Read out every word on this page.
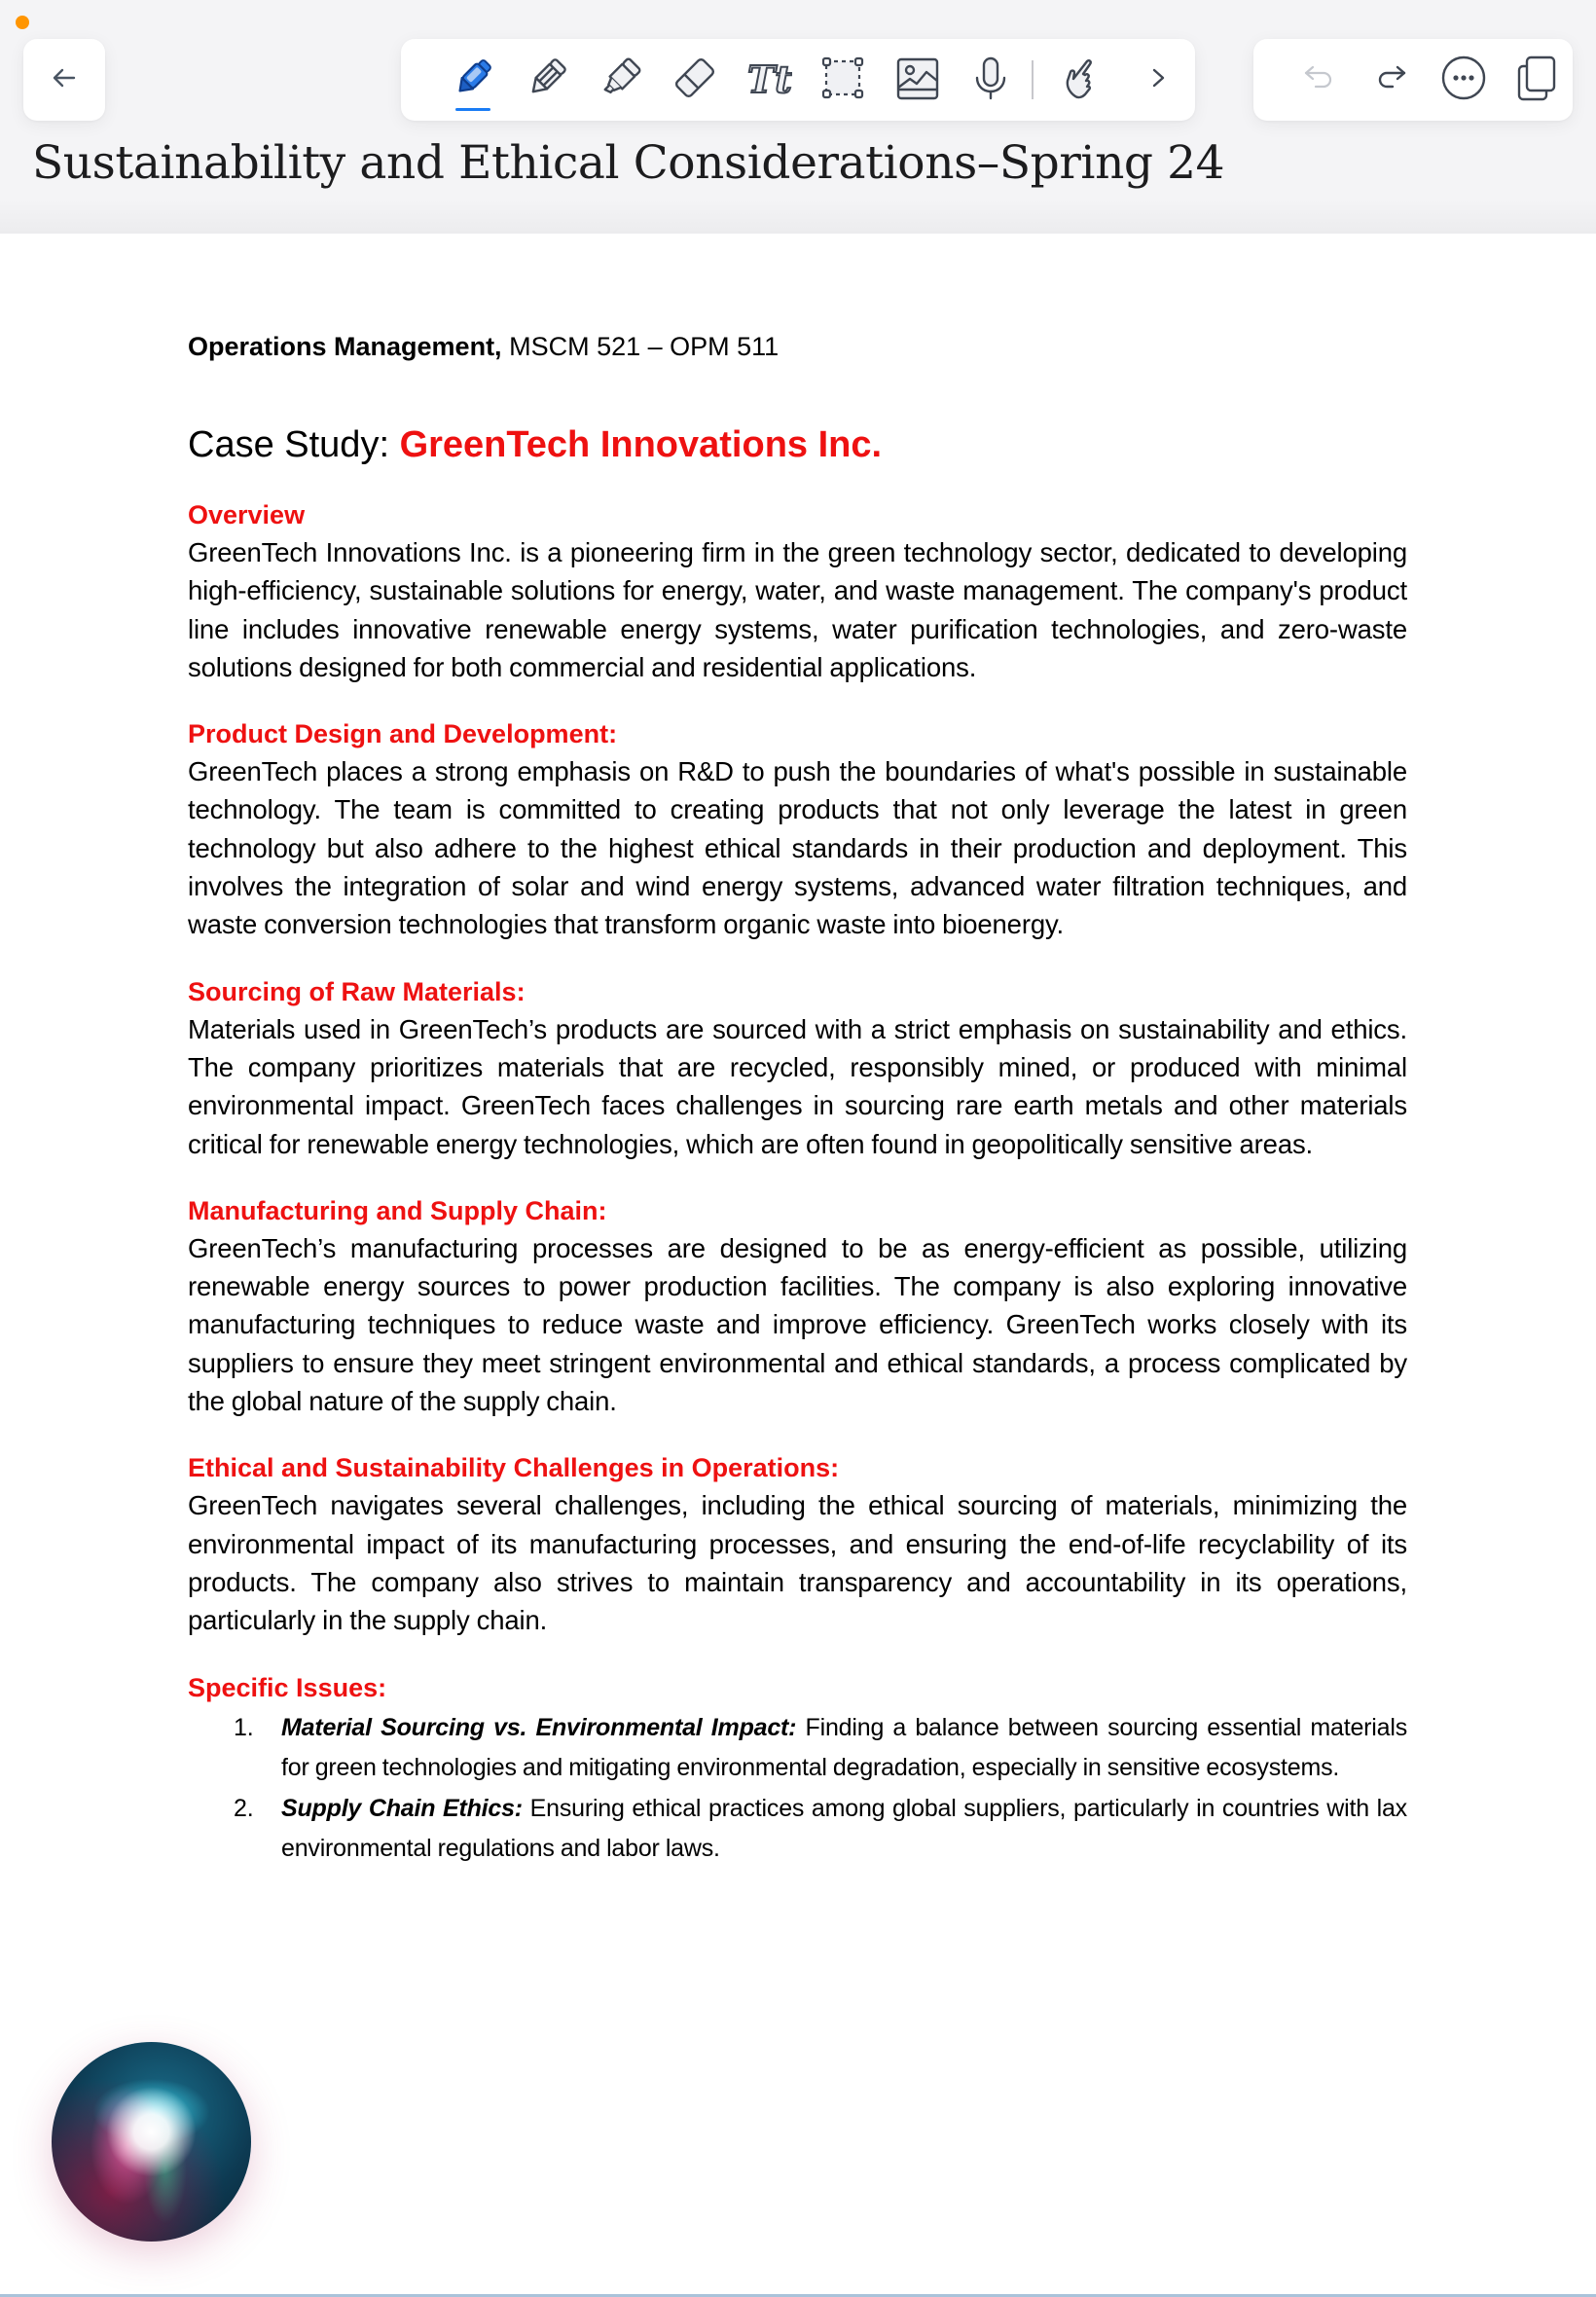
Tt
Sustainability and Ethical Considerations–Spring 24
Operations Management, MSCM 521 – OPM 511
Case Study: GreenTech Innovations Inc.
Overview

GreenTech Innovations Inc. is a pioneering firm in the green technology sector, dedicated to developing high-efficiency, sustainable solutions for energy, water, and waste management. The company's product line includes innovative renewable energy systems, water purification technologies, and zero-waste solutions designed for both commercial and residential applications.

Product Design and Development:

GreenTech places a strong emphasis on R&D to push the boundaries of what's possible in sustainable technology. The team is committed to creating products that not only leverage the latest in green technology but also adhere to the highest ethical standards in their production and deployment. This involves the integration of solar and wind energy systems, advanced water filtration techniques, and waste conversion technologies that transform organic waste into bioenergy.

Sourcing of Raw Materials:

Materials used in GreenTech’s products are sourced with a strict emphasis on sustainability and ethics. The company prioritizes materials that are recycled, responsibly mined, or produced with minimal environmental impact. GreenTech faces challenges in sourcing rare earth metals and other materials critical for renewable energy technologies, which are often found in geopolitically sensitive areas.

Manufacturing and Supply Chain:

GreenTech’s manufacturing processes are designed to be as energy-efficient as possible, utilizing renewable energy sources to power production facilities. The company is also exploring innovative manufacturing techniques to reduce waste and improve efficiency. GreenTech works closely with its suppliers to ensure they meet stringent environmental and ethical standards, a process complicated by the global nature of the supply chain.

Ethical and Sustainability Challenges in Operations:

GreenTech navigates several challenges, including the ethical sourcing of materials, minimizing the environmental impact of its manufacturing processes, and ensuring the end-of-life recyclability of its products. The company also strives to maintain transparency and accountability in its operations, particularly in the supply chain.

Specific Issues:
1. Material Sourcing vs. Environmental Impact: Finding a balance between sourcing essential materials for green technologies and mitigating environmental degradation, especially in sensitive ecosystems.
2. Supply Chain Ethics: Ensuring ethical practices among global suppliers, particularly in countries with lax environmental regulations and labor laws.
